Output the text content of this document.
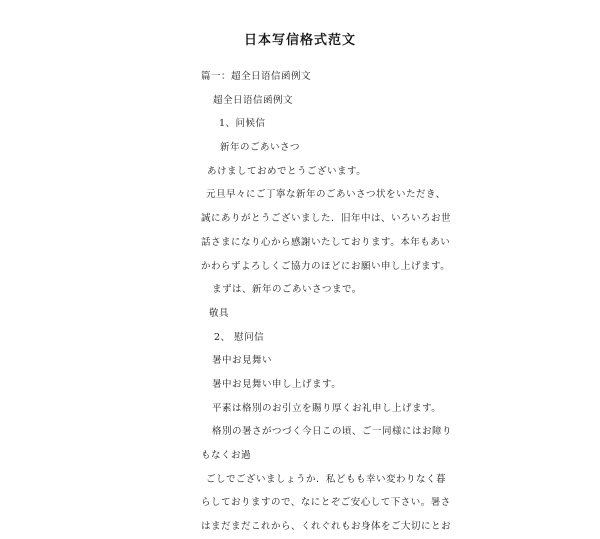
日本写信格式范文
篇一：超全日语信函例文
超全日语信函例文
1、问候信
新年のごあいさつ
あけましておめでとうございます。
元旦早々にご丁寧な新年のごあいさつ状をいただき、
誠にありがとうございました．旧年中は、いろいろお世
話さまになり心から感謝いたしております。本年もあい
かわらずよろしくご協力のほどにお願い申し上げます。
まずは、新年のごあいさつまで。
敬具
2、 慰问信
暑中お見舞い
暑中お見舞い申し上げます。
平素は格別のお引立を賜り厚くお礼申し上げます。
格別の暑さがつづく今日この頃、ご一同様にはお障り
もなくお過
ごしでございましょうか．私どもも幸い変わりなく暮
らしておりますので、なにとぞご安心して下さい。暑さ
はまだまだこれから、くれぐれもお身体をご大切にとお
